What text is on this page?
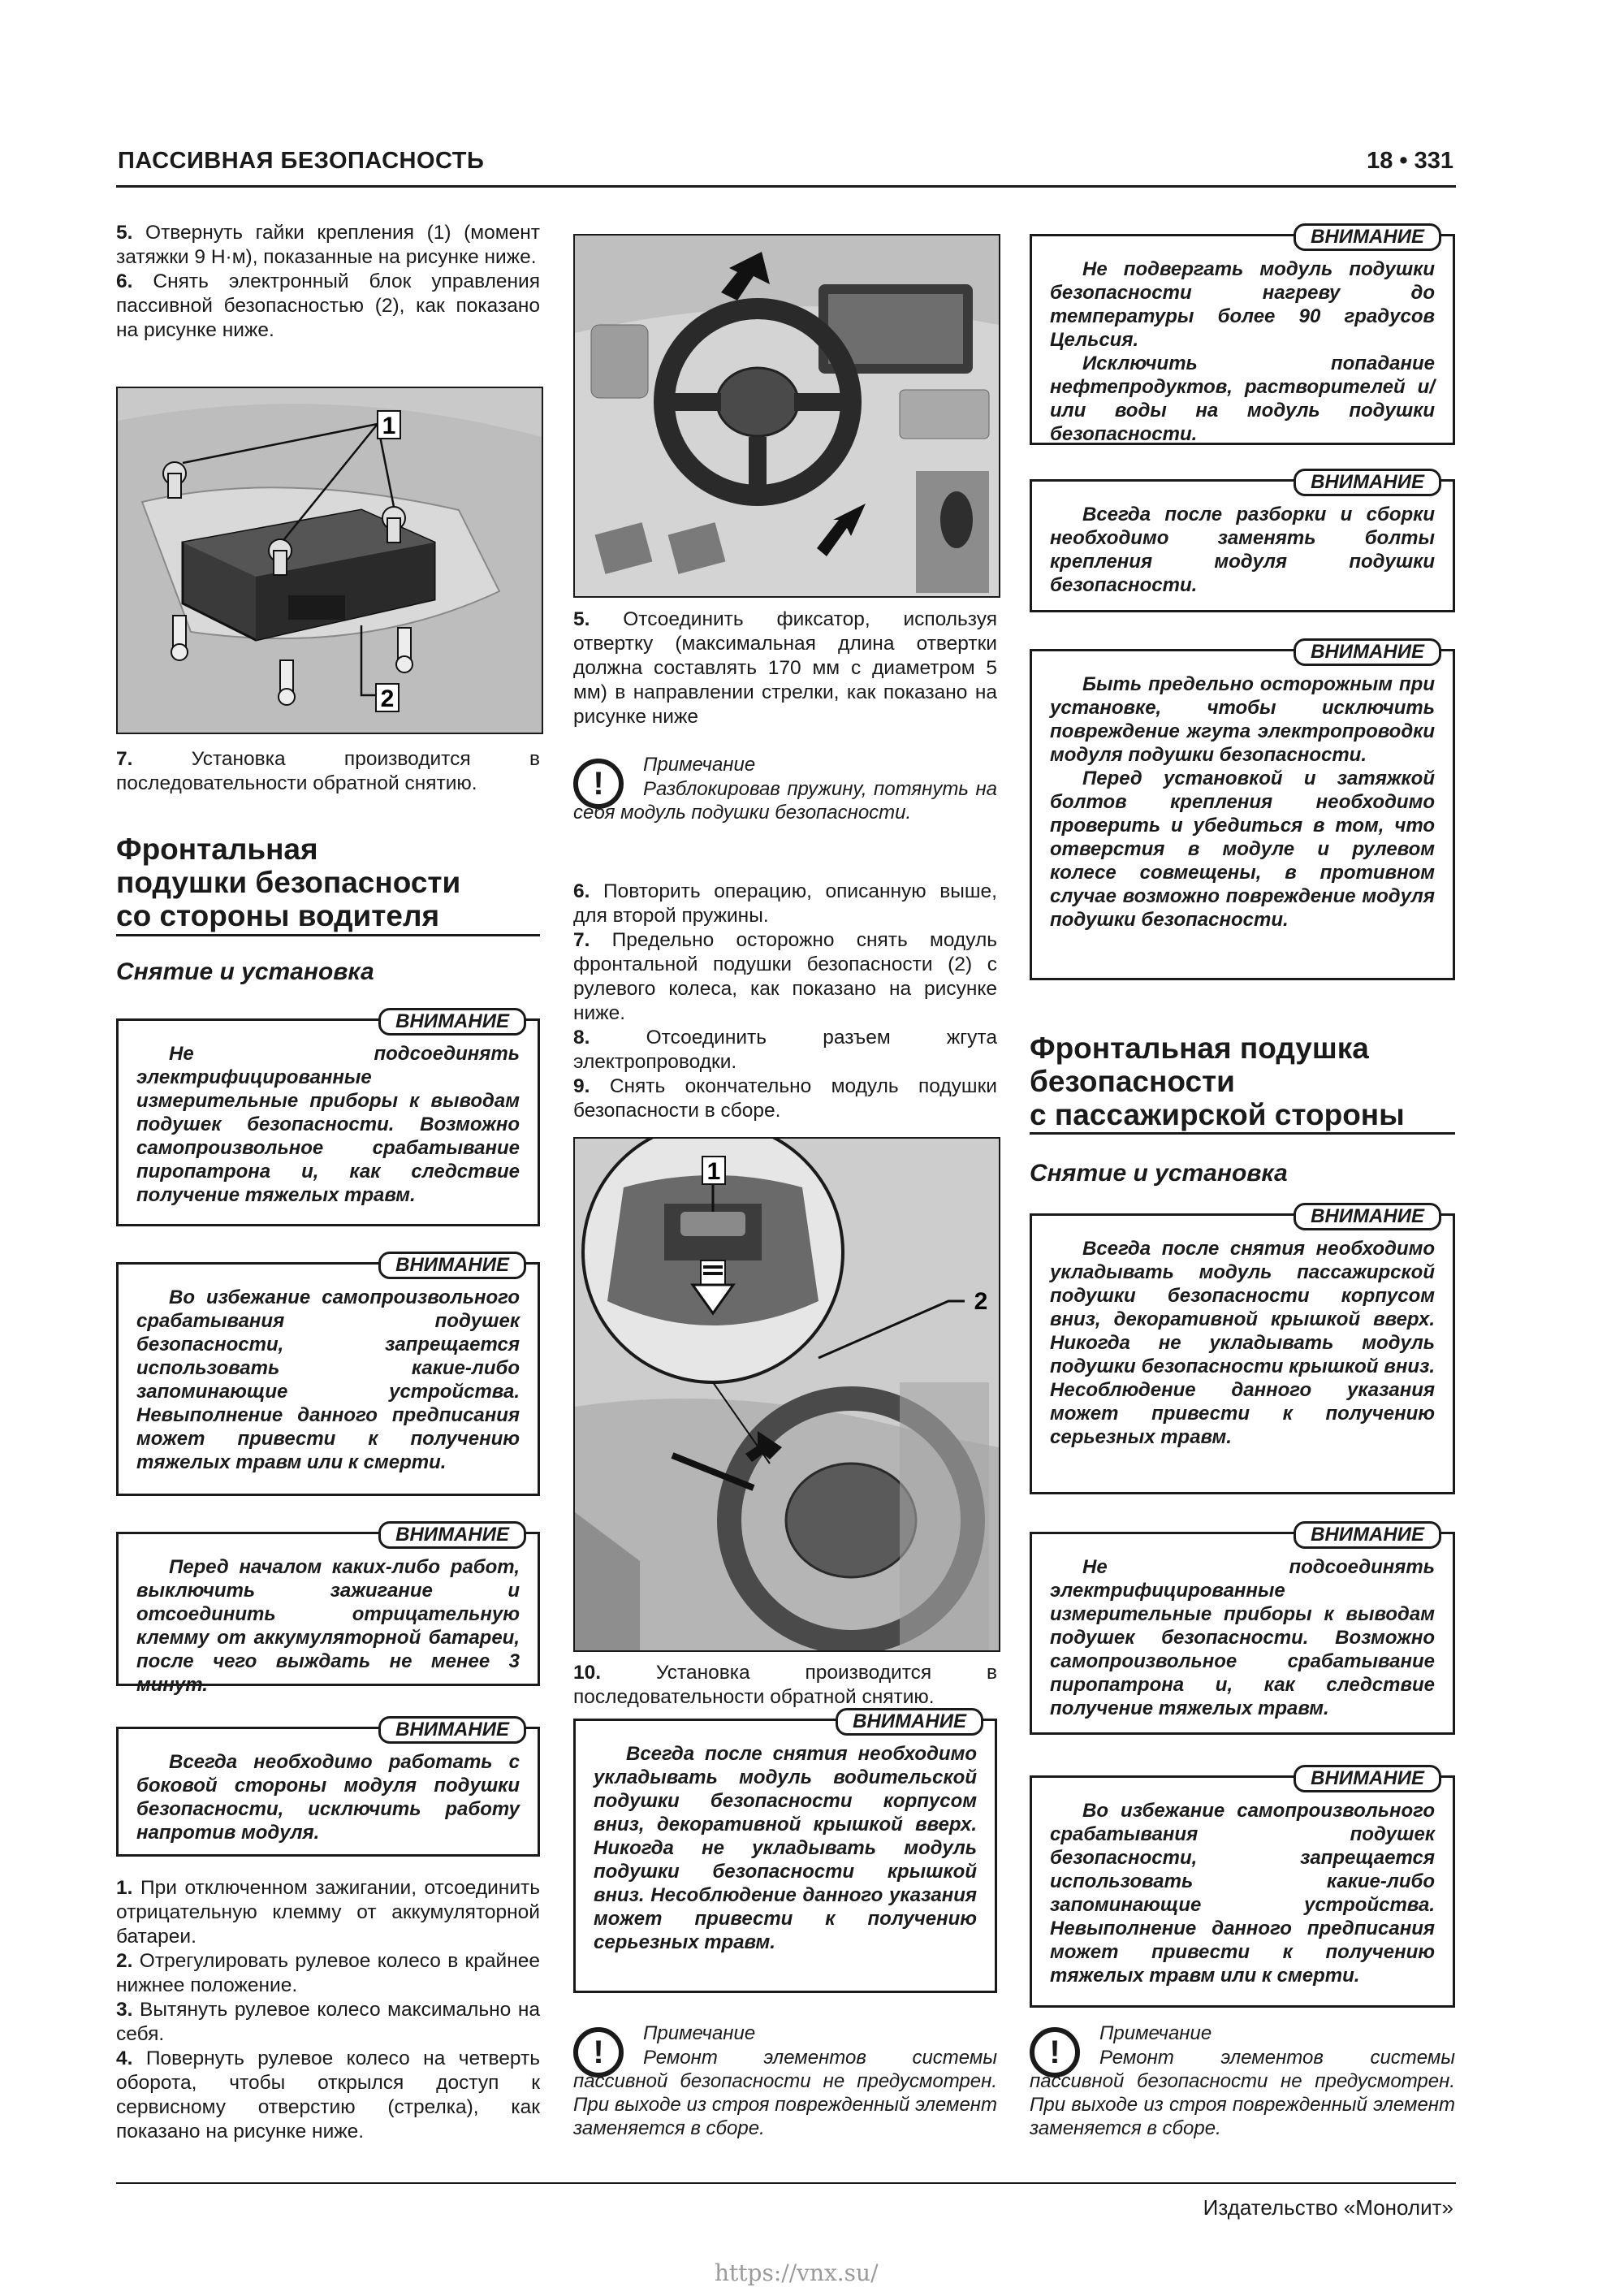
ПАССИВНАЯ БЕЗОПАСНОСТЬ	18 • 331

5. Отвернуть гайки крепления (1) (момент затяжки 9 Н·м), показанные на рисунке ниже.

6. Снять электронный блок управления пассивной безопасностью (2), как показано на рисунке ниже.

1
2

7. Установка производится в последовательности обратной снятию.

Фронтальная
подушки безопасности
со стороны водителя
Снятие и установка
ВНИМАНИЕ

Не подсоединять электрифицированные измерительные приборы к выводам подушек безопасности. Возможно самопроизвольное срабатывание пиропатрона и, как следствие получение тяжелых травм.

ВНИМАНИЕ

Во избежание самопроизвольного срабатывания подушек безопасности, запрещается использовать какие-либо запоминающие устройства. Невыполнение данного предписания может привести к получению тяжелых травм или к смерти.

ВНИМАНИЕ

Перед началом каких-либо работ, выключить зажигание и отсоединить отрицательную клемму от аккумуляторной батареи, после чего выждать не менее 3 минут.

ВНИМАНИЕ

Всегда необходимо работать с боковой стороны модуля подушки безопасности, исключить работу напротив модуля.

1. При отключенном зажигании, отсоединить отрицательную клемму от аккумуляторной батареи.

2. Отрегулировать рулевое колесо в крайнее нижнее положение.

3. Вытянуть рулевое колесо максимально на себя.

4. Повернуть рулевое колесо на четверть оборота, чтобы открылся доступ к сервисному отверстию (стрелка), как показано на рисунке ниже.

5. Отсоединить фиксатор, используя отвертку (максимальная длина отвертки должна составлять 170 мм с диаметром 5 мм) в направлении стрелки, как показано на рисунке ниже

!
Примечание
Разблокировав пружину, потянуть на себя модуль подушки безопасности.

6. Повторить операцию, описанную выше, для второй пружины.

7. Предельно осторожно снять модуль фронтальной подушки безопасности (2) с рулевого колеса, как показано на рисунке ниже.

8. Отсоединить разъем жгута электропроводки.

9. Снять окончательно модуль подушки безопасности в сборе.

1
2

10. Установка производится в последовательности обратной снятию.

ВНИМАНИЕ

Всегда после снятия необходимо укладывать модуль водительской подушки безопасности корпусом вниз, декоративной крышкой вверх. Никогда не укладывать модуль подушки безопасности крышкой вниз. Несоблюдение данного указания может привести к получению серьезных травм.

!
Примечание
Ремонт элементов системы пассивной безопасности не предусмотрен. При выходе из строя поврежденный элемент заменяется в сборе.
ВНИМАНИЕ

Не подвергать модуль подушки безопасности нагреву до температуры более 90 градусов Цельсия.

Исключить попадание нефтепродуктов, растворителей и/или воды на модуль подушки безопасности.

ВНИМАНИЕ

Всегда после разборки и сборки необходимо заменять болты крепления модуля подушки безопасности.

ВНИМАНИЕ

Быть предельно осторожным при установке, чтобы исключить повреждение жгута электропроводки модуля подушки безопасности.

Перед установкой и затяжкой болтов крепления необходимо проверить и убедиться в том, что отверстия в модуле и рулевом колесе совмещены, в противном случае возможно повреждение модуля подушки безопасности.

Фронтальная подушка
безопасности
с пассажирской стороны
Снятие и установка
ВНИМАНИЕ

Всегда после снятия необходимо укладывать модуль пассажирской подушки безопасности корпусом вниз, декоративной крышкой вверх. Никогда не укладывать модуль подушки безопасности крышкой вниз. Несоблюдение данного указания может привести к получению серьезных травм.

ВНИМАНИЕ

Не подсоединять электрифицированные измерительные приборы к выводам подушек безопасности. Возможно самопроизвольное срабатывание пиропатрона и, как следствие получение тяжелых травм.

ВНИМАНИЕ

Во избежание самопроизвольного срабатывания подушек безопасности, запрещается использовать какие-либо запоминающие устройства. Невыполнение данного предписания может привести к получению тяжелых травм или к смерти.

!
Примечание
Ремонт элементов системы пассивной безопасности не предусмотрен. При выходе из строя поврежденный элемент заменяется в сборе.
Издательство «Монолит»
https://vnx.su/
